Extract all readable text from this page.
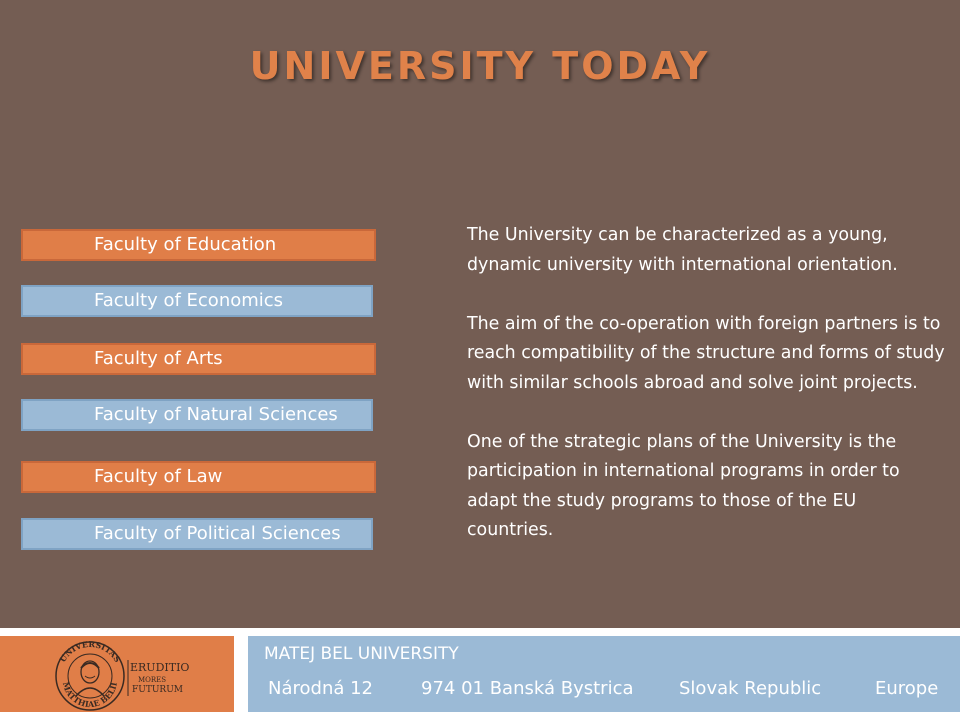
UNIVERSITY TODAY
Faculty of Education
Faculty of Economics
Faculty of Arts
Faculty of Natural Sciences
Faculty of Law
Faculty of Political Sciences

The University can be characterized as a young, dynamic university with international orientation.

The aim of the co-operation with foreign partners is to reach compatibility of the structure and forms of study with similar schools abroad and solve joint projects.

One of the strategic plans of the University is the participation in international programs in order to adapt the study programs to those of the EU countries.

UNIVERSITAS
MATTHIAE BELII
ERUDITIO
MORES
FUTURUM
MATEJ BEL UNIVERSITY
Národná 12	974 01 Banská Bystrica	Slovak Republic	Europe
